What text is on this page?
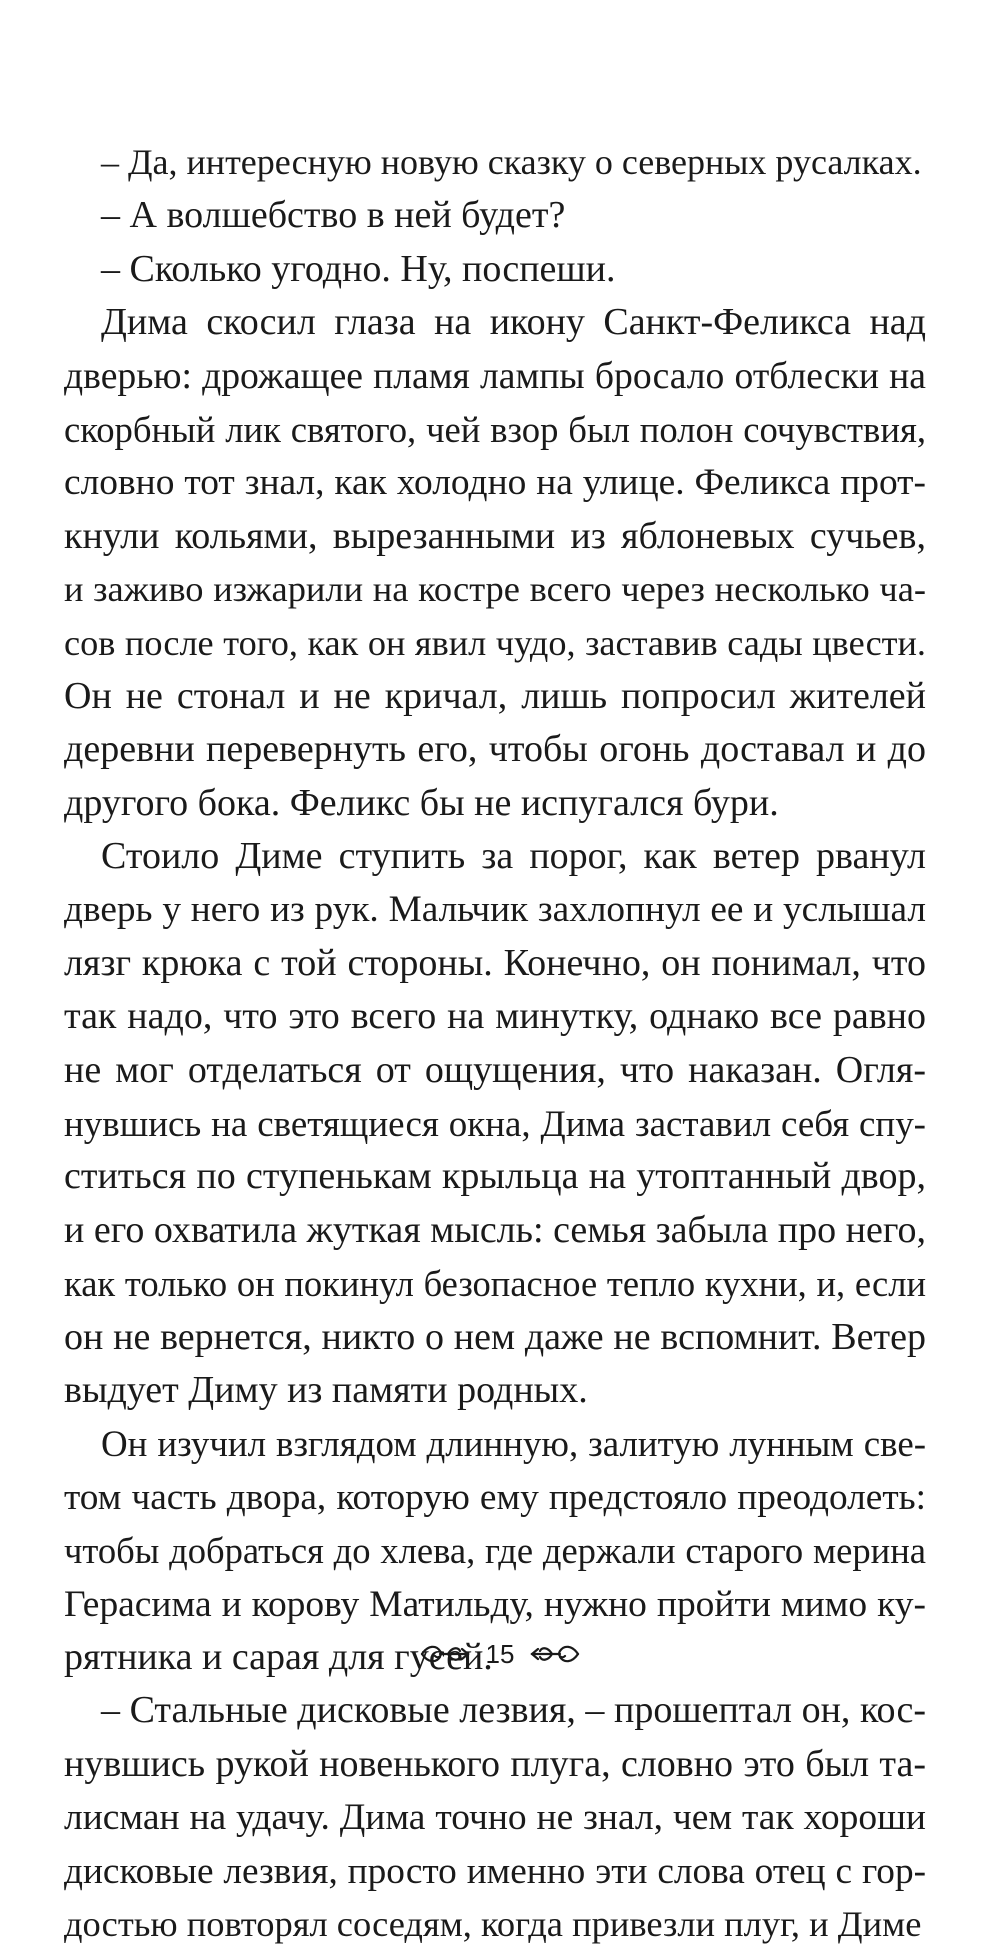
– Да, интересную новую сказку о северных русалках.
– А волшебство в ней будет?
– Сколько угодно. Ну, поспеши.
Дима скосил глаза на икону Санкт-Феликса над
дверью: дрожащее пламя лампы бросало отблески на
скорбный лик святого, чей взор был полон сочувствия,
словно тот знал, как холодно на улице. Феликса прот-
кнули кольями, вырезанными из яблоневых сучьев,
и заживо изжарили на костре всего через несколько ча-
сов после того, как он явил чудо, заставив сады цвести.
Он не стонал и не кричал, лишь попросил жителей
деревни перевернуть его, чтобы огонь доставал и до
другого бока. Феликс бы не испугался бури.
Стоило Диме ступить за порог, как ветер рванул
дверь у него из рук. Мальчик захлопнул ее и услышал
лязг крюка с той стороны. Конечно, он понимал, что
так надо, что это всего на минутку, однако все равно
не мог отделаться от ощущения, что наказан. Огля-
нувшись на светящиеся окна, Дима заставил себя спу-
ститься по ступенькам крыльца на утоптанный двор,
и его охватила жуткая мысль: семья забыла про него,
как только он покинул безопасное тепло кухни, и, если
он не вернется, никто о нем даже не вспомнит. Ветер
выдует Диму из памяти родных.
Он изучил взглядом длинную, залитую лунным све-
том часть двора, которую ему предстояло преодолеть:
чтобы добраться до хлева, где держали старого мерина
Герасима и корову Матильду, нужно пройти мимо ку-
рятника и сарая для гусей.
– Стальные дисковые лезвия, – прошептал он, кос-
нувшись рукой новенького плуга, словно это был та-
лисман на удачу. Дима точно не знал, чем так хороши
дисковые лезвия, просто именно эти слова отец с гор-
достью повторял соседям, когда привезли плуг, и Диме
15
